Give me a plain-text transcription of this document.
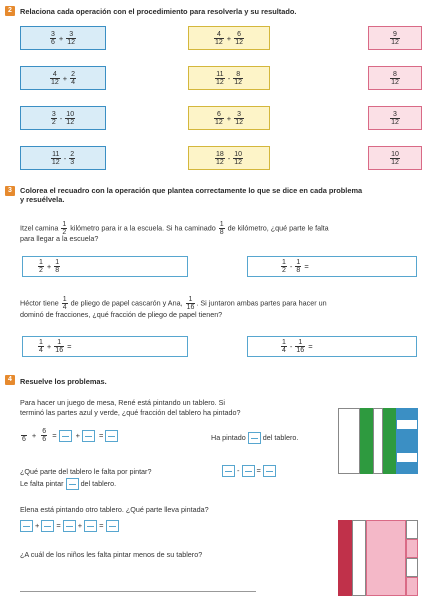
2	Relaciona cada operación con el procedimiento para resolverla y su resultado.
$\frac{3}{6} + \frac{3}{12}$	$\frac{4}{12} + \frac{6}{12}$	$\frac{9}{12}$
$\frac{4}{12} + \frac{2}{4}$	$\frac{11}{12} - \frac{8}{12}$	$\frac{8}{12}$
$\frac{3}{2} - \frac{10}{12}$	$\frac{6}{12} + \frac{3}{12}$	$\frac{3}{12}$
$\frac{11}{12} - \frac{2}{3}$	$\frac{18}{12} - \frac{10}{12}$	$\frac{10}{12}$
3	Colorea el recuadro con la operación que plantea correctamente lo que se dice en cada problema
y resuélvela.
Itzel camina $\frac{1}{2}$ kilómetro para ir a la escuela. Si ha caminado $\frac{1}{8}$ de kilómetro, ¿qué parte le falta
para llegar a la escuela?
$\frac{1}{2} + \frac{1}{8}$	$\frac{1}{2} - \frac{1}{8}$ =
Héctor tiene $\frac{1}{4}$ de pliego de papel cascarón y Ana, $\frac{1}{16}$ . Si juntaron ambas partes para hacer un
dominó de fracciones, ¿qué fracción de pliego de papel tienen?
$\frac{1}{4} + \frac{1}{16}$ =	$\frac{1}{4} - \frac{1}{16}$ =
4	Resuelve los problemas.
Para hacer un juego de mesa, René está pintando un tablero. Si
terminó las partes azul y verde, ¿qué fracción del tablero ha pintado?

$6 + \frac{6}{6}$ =	+	=	Ha pintado del tablero.
¿Qué parte del tablero le falta por pintar?
Le falta pintar del tablero.
- =
Elena está pintando otro tablero. ¿Qué parte lleva pintada?
+ = + =
¿A cuál de los niños les falta pintar menos de su tablero?
